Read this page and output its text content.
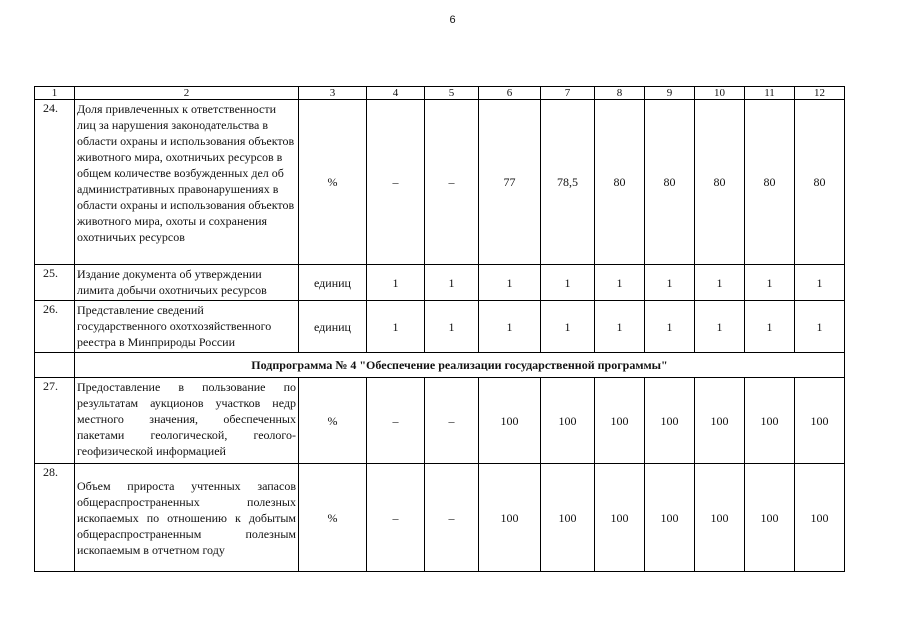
6
1	2	3	4	5	6	7	8	9	10	11	12
24.	Доля привлеченных к ответственности лиц за нарушения законодательства в области охраны и использования объектов животного мира, охотничьих ресурсов в общем количестве возбужденных дел об административных правонарушениях в области охраны и использования объектов животного мира, охоты и сохранения охотничьих ресурсов	%	–	–	77	78,5	80	80	80	80	80
25.	Издание документа об утверждении лимита добычи охотничьих ресурсов	единиц	1	1	1	1	1	1	1	1	1
26.	Представление сведений государственного охотхозяйственного реестра в Минприроды России	единиц	1	1	1	1	1	1	1	1	1
	Подпрограмма № 4 "Обеспечение реализации государственной программы"										
27.	Предоставление в пользование по результатам аукционов участков недр местного значения, обеспеченных пакетами геологической, геолого-геофизической информацией	%	–	–	100	100	100	100	100	100	100
28.	Объем прироста учтенных запасов общераспространенных полезных ископаемых по отношению к добытым общераспространенным полезным ископаемым в отчетном году	%	–	–	100	100	100	100	100	100	100
